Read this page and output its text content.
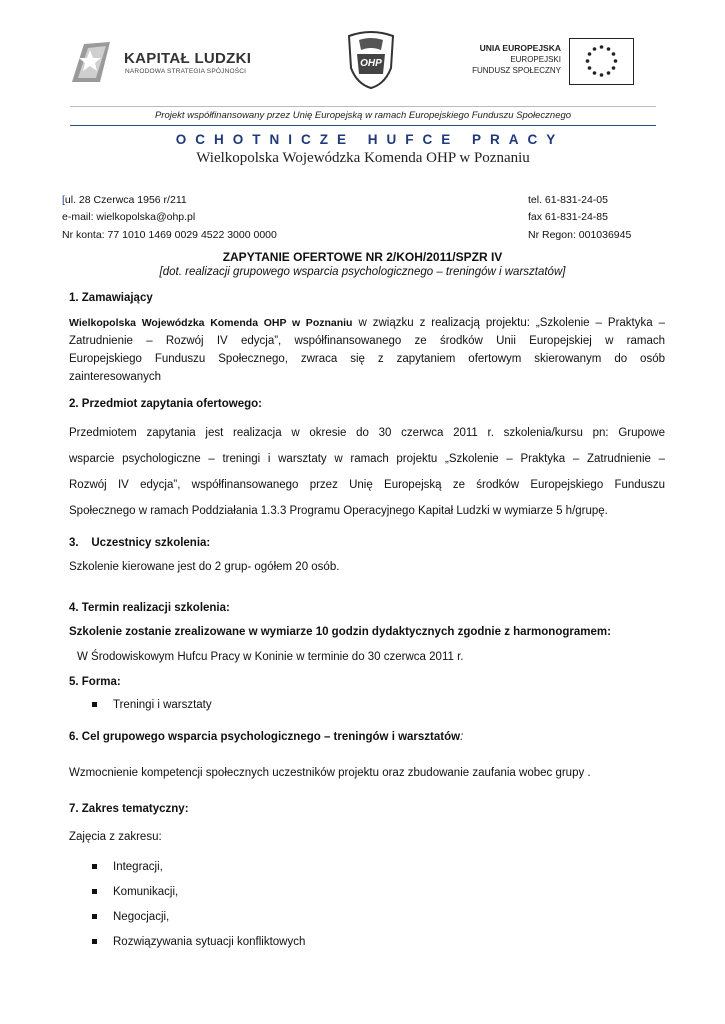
KAPITAŁ LUDZKI
NARODOWA STRATEGIA SPÓJNOŚCI
OHP
UNIA EUROPEJSKA
EUROPEJSKI
FUNDUSZ SPOŁECZNY
Projekt współfinansowany przez Unię Europejską w ramach Europejskiego Funduszu Społecznego
OCHOTNICZE HUFCE PRACY
Wielkopolska Wojewódzka Komenda OHP w Poznaniu
[ul. 28 Czerwca 1956 r/211
e-mail: wielkopolska@ohp.pl
Nr konta: 77 1010 1469 0029 4522 3000 0000
tel. 61-831-24-05
fax 61-831-24-85
Nr Regon: 001036945
ZAPYTANIE OFERTOWE NR 2/KOH/2011/SPZR IV
[dot. realizacji grupowego wsparcia psychologicznego – treningów i warsztatów]
1. Zamawiający
Wielkopolska Wojewódzka Komenda OHP w Poznaniu w związku z realizacją projektu: „Szkolenie – Praktyka –
Zatrudnienie – Rozwój IV edycja”, współfinansowanego ze środków Unii Europejskiej w ramach
Europejskiego Funduszu Społecznego, zwraca się z zapytaniem ofertowym skierowanym do osób
zainteresowanych
2. Przedmiot zapytania ofertowego:
Przedmiotem zapytania jest realizacja w okresie do 30 czerwca 2011 r. szkolenia/kursu pn: Grupowe
wsparcie psychologiczne – treningi i warsztaty w ramach projektu „Szkolenie – Praktyka – Zatrudnienie –
Rozwój IV edycja”, współfinansowanego przez Unię Europejską ze środków Europejskiego Funduszu
Społecznego w ramach Poddziałania 1.3.3 Programu Operacyjnego Kapitał Ludzki w wymiarze 5 h/grupę.
3.    Uczestnicy szkolenia:
Szkolenie kierowane jest do 2 grup- ogółem 20 osób.
4. Termin realizacji szkolenia:
Szkolenie zostanie zrealizowane w wymiarze 10 godzin dydaktycznych zgodnie z harmonogramem:
W Środowiskowym Hufcu Pracy w Koninie w terminie do 30 czerwca 2011 r.
5. Forma:
Treningi i warsztaty
6. Cel grupowego wsparcia psychologicznego – treningów i warsztatów:
Wzmocnienie kompetencji społecznych uczestników projektu oraz zbudowanie zaufania wobec grupy .
7. Zakres tematyczny:
Zajęcia z zakresu:
Integracji,
Komunikacji,
Negocjacji,
Rozwiązywania sytuacji konfliktowych
